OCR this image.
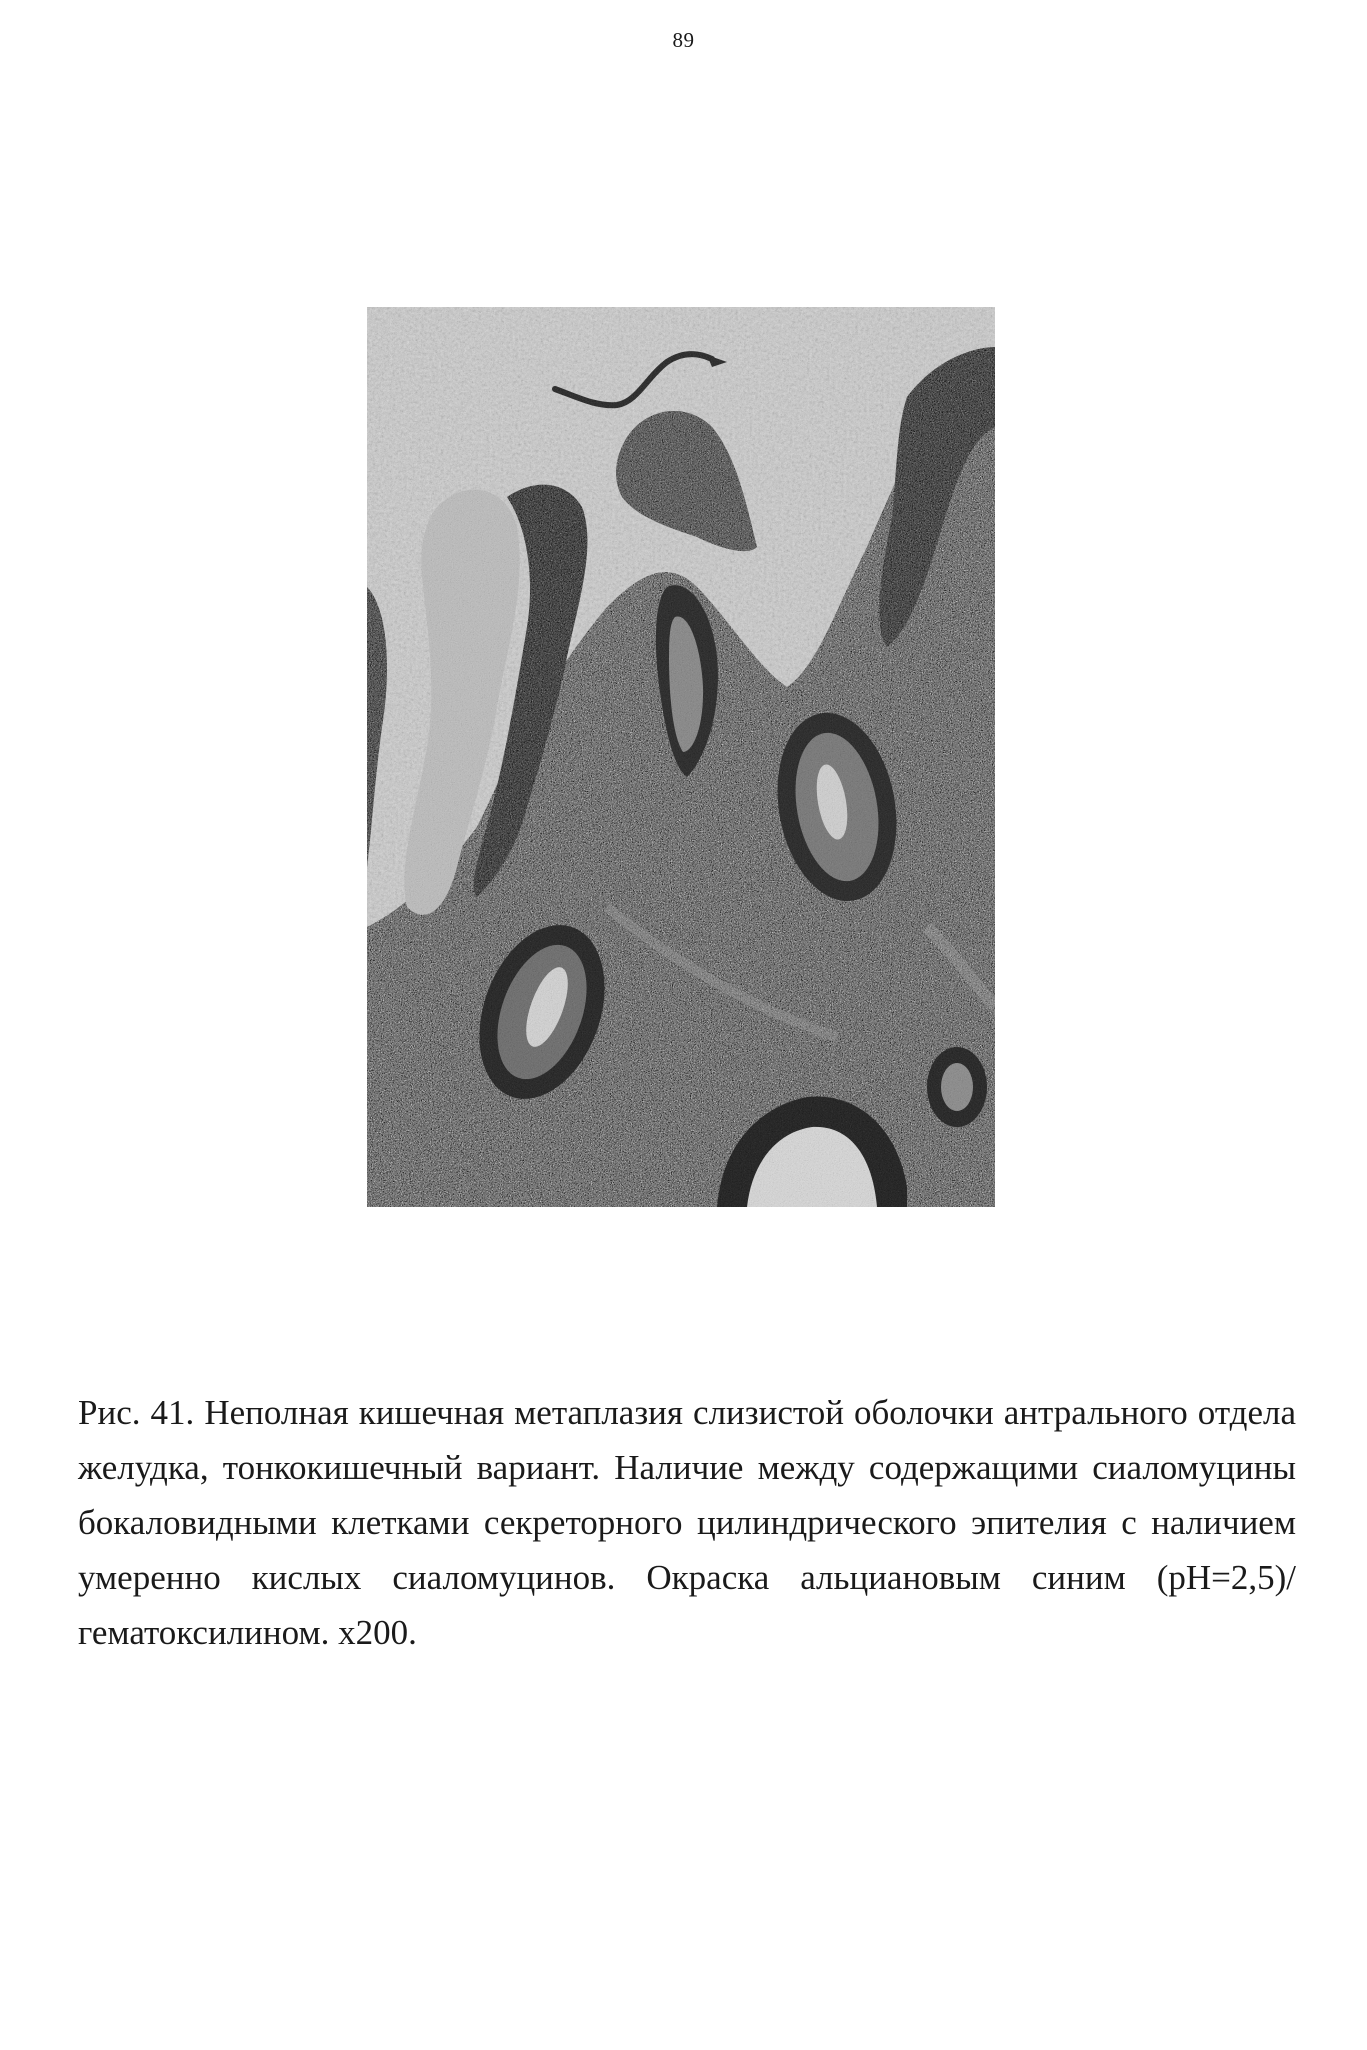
89
Рис. 41. Неполная кишечная метаплазия слизистой оболочки антрального отдела желудка, тонкокишечный вариант. Наличие между содержащими сиаломуцины бокаловидными клетками секреторного цилиндрического эпителия с наличием умеренно кислых сиаломуцинов. Окраска альциановым синим (рН=2,5)/гематоксилином. х200.
